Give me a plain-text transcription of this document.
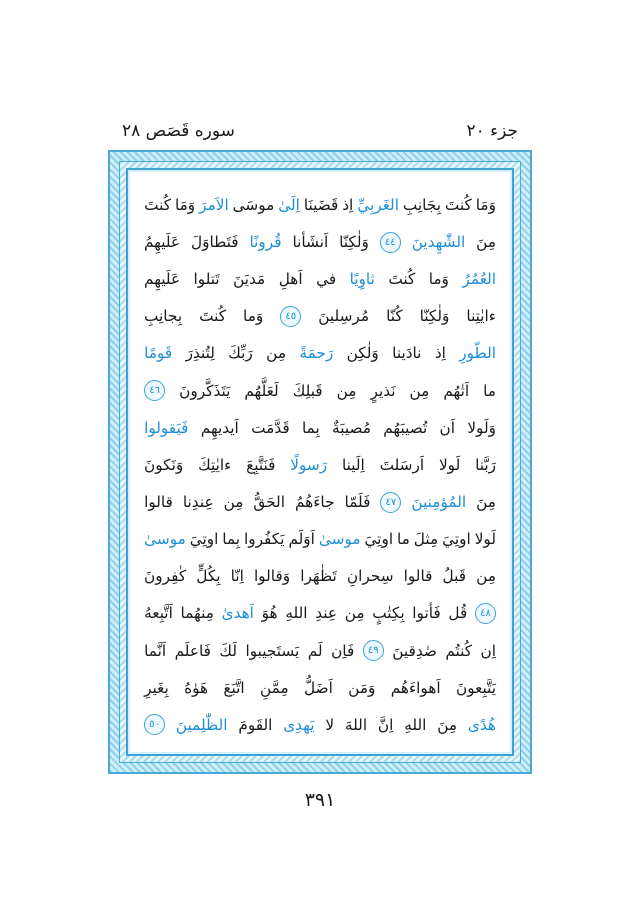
جزء ٢٠
سوره قَصَص ٢٨
وَمَا
كُنتَ
بِجَانِبِ
الغَربِيِّ
اِذ
قَضَينَا
اِلَىٰ
موسَى
الاَمرَ
وَمَا
كُنتَ
مِنَ
الشّٰهِدينَ
٤٤
وَلٰكِنّا
اَنشَأنا
قُرونًا
فَتَطاوَلَ
عَلَيهِمُ
العُمُرُ
وَما
كُنتَ
ثاوِيًا
في
اَهلِ
مَديَنَ
تَتلوا
عَلَيهِم
ءايٰتِنا
وَلٰكِنّا
كُنّا
مُرسِلينَ
٤٥
وَما
كُنتَ
بِجانِبِ
الطّورِ
اِذ
نادَينا
وَلٰكِن
رَحمَةً
مِن
رَبِّكَ
لِتُنذِرَ
قَومًا
ما
اَتٰهُم
مِن
نَذيرٍ
مِن
قَبلِكَ
لَعَلَّهُم
يَتَذَكَّرونَ
٤٦
وَلَولا
اَن
تُصيبَهُم
مُصيبَةٌ
بِما
قَدَّمَت
اَيديهِم
فَيَقولوا
رَبَّنا
لَولا
اَرسَلتَ
اِلَينا
رَسولًا
فَنَتَّبِعَ
ءايٰتِكَ
وَنَكونَ
مِنَ
المُؤمِنينَ
٤٧
فَلَمّا
جاءَهُمُ
الحَقُّ
مِن
عِندِنا
قالوا
لَولا
اوتِيَ
مِثلَ
ما
اوتِيَ
موسىٰ
اَوَلَم
يَكفُروا
بِما
اوتِيَ
موسىٰ
مِن
قَبلُ
قالوا
سِحرانِ
تَظٰهَرا
وَقالوا
اِنّا
بِكُلٍّ
كٰفِرونَ
٤٨
قُل
فَأتوا
بِكِتٰبٍ
مِن
عِندِ
اللهِ
هُوَ
اَهدىٰ
مِنهُما
اَتَّبِعهُ
اِن
كُنتُم
صٰدِقينَ
٤٩
فَاِن
لَم
يَستَجيبوا
لَكَ
فَاعلَم
اَنَّما
يَتَّبِعونَ
اَهواءَهُم
وَمَن
اَضَلُّ
مِمَّنِ
اتَّبَعَ
هَوٰهُ
بِغَيرِ
هُدًى
مِنَ
اللهِ
اِنَّ
اللهَ
لا
يَهدِى
القَومَ
الظّٰلِمينَ
٥٠
٣٩١
